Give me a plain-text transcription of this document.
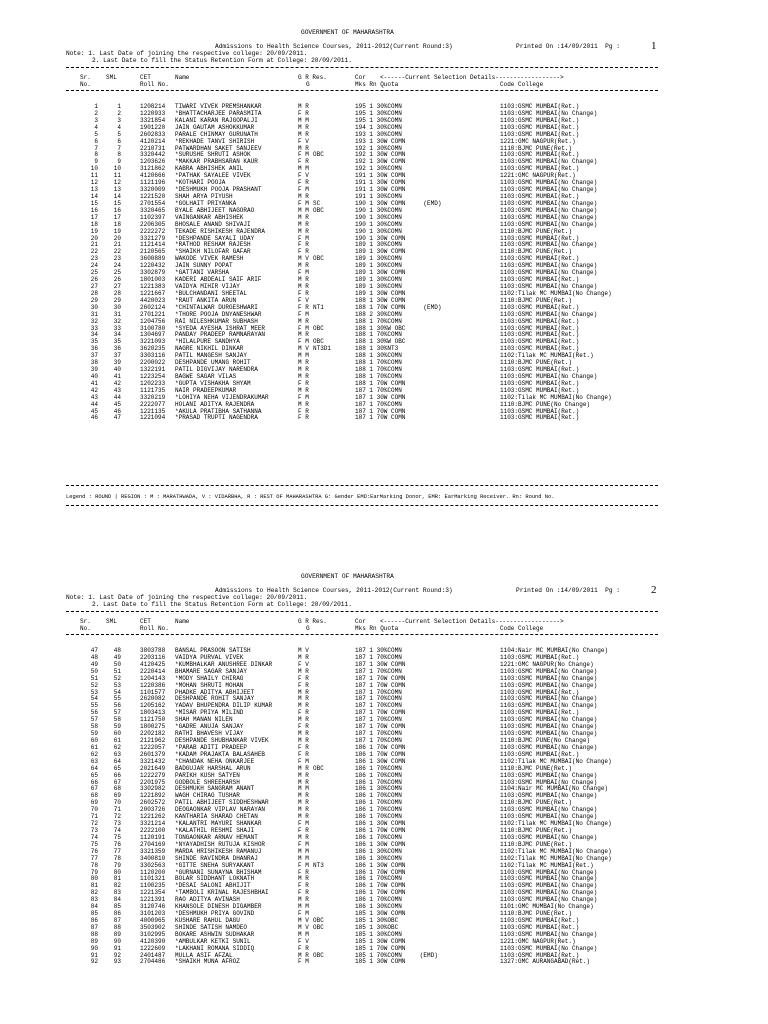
GOVERNMENT OF MAHARASHTRA
Admissions to Health Science Courses, 2011-2012(Current Round:3)	Printed On :14/09/2011  Pg :	1
Note: 1. Last Date of joining the respective college: 20/09/2011.
2. Last Date to fill the Status Retention Form at College: 20/09/2011.
Sr.
No.
SML	CET
Roll No.
Name	G R Res.
G
Cor
Mks Rn Quota
<------Current Selection Details------------------>
Code College
1	1	1208214 TIWARI VIVEK PREMSHANKAR	M R	195 1 30%COMN	1103:GSMC MUMBAI(Ret.)
2	2	1220933 *BHATTACHARJEE PARASMITA	F R	195 1 30%COMN	1103:GSMC MUMBAI(No Change)
3	3	3321854 KALANI KARAN RAJGOPALJI	M M	195 1 30%COMN	1103:GSMC MUMBAI(Ret.)
4	4	1901220 JAIN GAUTAM ASHOKKUMAR	M R	194 1 30%COMN	1103:GSMC MUMBAI(Ret.)
5	5	2602833 PARALE CHINMAY GURUNATH	M R	193 1 30%COMN	1103:GSMC MUMBAI(Ret.)
6	6	4120214 *REKHADE TANVI SHIRISH	F V	193 1 30W COMN	1221:GMC NAGPUR(Ret.)
7	7	2210731 PATWARDHAN SAKET SANJEEV	M R	192 1 30%COMN	1110:BJMC PUNE(Ret.)
8	8	3320442 *SURUSHE SHRUTI ASHOK	F M OBC	192 1 30W COMN	1103:GSMC MUMBAI(Ret.)
9	9	1203626 *MAKKAR PRABHSARAN KAUR	F R	192 1 30W COMN	1103:GSMC MUMBAI(No Change)
10	10	3121862 KABRA ABHISHEK ANIL	M M	192 1 30%COMN	1103:GSMC MUMBAI(Ret.)
11	11	4120666 *PATHAK SAYALEE VIVEK	F V	191 1 30W COMN	1221:GMC NAGPUR(Ret.)
12	12	1121196 *KOTHARI POOJA	F R	191 1 30W COMN	1103:GSMC MUMBAI(No Change)
13	13	3320009 *DESHMUKH POOJA PRASHANT	F M	191 1 30W COMN	1103:GSMC MUMBAI(No Change)
14	14	1221520 SHAH ARYA PIYUSH	M R	191 1 30%COMN	1103:GSMC MUMBAI(Ret.)
15	15	2701554 *GOLHAIT PRIYANKA	F M SC	190 1 30W COMN     (EMD)	1103:GSMC MUMBAI(No Change)
16	16	3320465 BYALE ABHIJEET NAGORAO	M M OBC	190 1 30%COMN	1103:GSMC MUMBAI(No Change)
17	17	1102397 VAINGANKAR ABHISHEK	M R	190 1 30%COMN	1103:GSMC MUMBAI(No Change)
18	18	2206305 BHOSALE ANAND SHIVAJI	M R	190 1 30%COMN	1103:GSMC MUMBAI(No Change)
19	19	2222272 TEKADE RISHIKESH RAJENDRA	M R	190 1 30%COMN	1110:BJMC PUNE(Ret.)
20	20	3321279 *DESHPANDE SAYALI UDAY	F M	190 1 30W COMN	1103:GSMC MUMBAI(Ret.)
21	21	1121414 *RATHOD RESHAM RAJESH	F R	189 1 30%COMN	1103:GSMC MUMBAI(No Change)
22	22	2120565 *SHAIKH NILOFAR GAFAR	F R	189 1 30W COMN	1110:BJMC PUNE(Ret.)
23	23	3600889 WAKODE VIVEK RAMESH	M V OBC	189 1 30%COMN	1103:GSMC MUMBAI(Ret.)
24	24	1220432 JAIN SUNNY POPAT	M R	189 1 30%COMN	1103:GSMC MUMBAI(No Change)
25	25	3302879 *GATTANI VARSHA	F M	189 1 30W COMN	1103:GSMC MUMBAI(No Change)
26	26	1801003 KADERI ABDEALI SAIF ARIF	M R	189 1 30%COMN	1103:GSMC MUMBAI(Ret.)
27	27	1221383 VAIDYA MIHIR VIJAY	M R	189 1 30%COMN	1103:GSMC MUMBAI(No Change)
28	28	1221667 *BULCHANDANI SHEETAL	F R	189 1 30W COMN	1102:Tilak MC MUMBAI(No Change)
29	29	4420023 *RAUT ANKITA ARUN	F V	188 1 30W COMN	1110:BJMC PUNE(Ret.)
30	30	2602124 *CHINTALWAR DURGESHWARI	F R NT1	188 1 70W COMN     (EMD)	1103:GSMC MUMBAI(Ret.)
31	31	2701221 *THORE POOJA DNYANESHWAR	F M	188 2 30%COMN	1103:GSMC MUMBAI(No Change)
32	32	1204756 RAI NILESHKUMAR SUBHASH	M R	188 1 70%COMN	1103:GSMC MUMBAI(Ret.)
33	33	3100780 *SYEDA AYESHA ISHRAT MEER	F M OBC	188 1 30%W OBC	1103:GSMC MUMBAI(Ret.)
34	34	1304697 PANDAY PRADEEP RAMNARAYAN	M R	188 1 70%COMN	1103:GSMC MUMBAI(Ret.)
35	35	3221093 *HILALPURE SANDHYA	F M OBC	188 1 30%W OBC	1103:GSMC MUMBAI(Ret.)
36	36	3620235 NAGRE NIKHIL DINKAR	M V NT3D1	188 1 30%NT3	1103:GSMC MUMBAI(Ret.)
37	37	3303116 PATIL MANGESH SANJAY	M M	188 1 30%COMN	1102:Tilak MC MUMBAI(Ret.)
38	39	2200022 DESHPANDE UMANG ROHIT	M R	188 1 70%COMN	1110:BJMC PUNE(Ret.)
39	40	1322191 PATIL DIGVIJAY NARENDRA	M R	188 1 70%COMN	1103:GSMC MUMBAI(Ret.)
40	41	1223254 BAGWE SAGAR VILAS	M R	188 1 70%COMN	1103:GSMC MUMBAI(No Change)
41	42	1202233 *GUPTA VISHAKHA SHYAM	F R	188 1 70W COMN	1103:GSMC MUMBAI(Ret.)
42	43	1121735 NAIR PRADEEPKUMAR	M R	187 1 70%COMN	1103:GSMC MUMBAI(Ret.)
43	44	3320219 *LOHIYA NEHA VIJENDRAKUMAR	F M	187 1 30W COMN	1102:Tilak MC MUMBAI(No Change)
44	45	2222077 HOLANI ADITYA RAJENDRA	M R	187 1 70%COMN	1110:BJMC PUNE(No Change)
45	46	1221135 *AKULA PRATIBHA SATHANNA	F R	187 1 70W COMN	1103:GSMC MUMBAI(Ret.)
46	47	1221094 *PRASAD TRUPTI NAGENDRA	F R	187 1 70W COMN	1103:GSMC MUMBAI(Ret.)
Legend : ROUND | REGION : M : MARATHWADA, V : VIDARBHA, R : REST OF MAHARASHTRA G: Gender EMD:EarMarking Donor, EMR: EarMarking Receiver. Rn: Round No.
GOVERNMENT OF MAHARASHTRA
Admissions to Health Science Courses, 2011-2012(Current Round:3)	Printed On :14/09/2011  Pg :	2
Note: 1. Last Date of joining the respective college: 20/09/2011.
2. Last Date to fill the Status Retention Form at College: 20/09/2011.
Sr.
No.
SML	CET
Roll No.
Name	G R Res.
G
Cor
Mks Rn Quota
<------Current Selection Details------------------>
Code College
47	48	3803788 BANSAL PRASOON SATISH	M V	187 1 30%COMN	1104:Nair MC MUMBAI(No Change)
48	49	2203116 VAIDYA PURVAL VIVEK	M R	187 1 70%COMN	1103:GSMC MUMBAI(Ret.)
49	50	4120425 *KUMBHALKAR ANUSHREE DINKAR	F V	187 1 30W COMN	1221:GMC NAGPUR(No Change)
50	51	2220414 BHAMARE SAGAR SANJAY	M R	187 1 70%COMN	1103:GSMC MUMBAI(No Change)
51	52	1204143 *MODY SHAILY CHIRAG	F R	187 1 70W COMN	1103:GSMC MUMBAI(No Change)
52	53	1220386 *MOHAN SHRUTI MOHAN	F R	187 1 70W COMN	1103:GSMC MUMBAI(No Change)
53	54	1101577 PHADKE ADITYA ABHIJEET	M R	187 1 70%COMN	1103:GSMC MUMBAI(Ret.)
54	55	2620082 DESHPANDE ROHIT SANJAY	M R	187 1 70%COMN	1103:GSMC MUMBAI(No Change)
55	56	1205162 YADAV BHUPENDRA DILIP KUMAR	M R	187 1 70%COMN	1103:GSMC MUMBAI(No Change)
56	57	1803413 *MISAR PRIYA MILIND	F R	187 1 70W COMN	1103:GSMC MUMBAI(Ret.)
57	58	1121750 SHAH MANAN NILEN	M R	187 1 70%COMN	1103:GSMC MUMBAI(No Change)
58	59	1800275 *GADRE ANUJA SANJAY	F R	187 1 70W COMN	1103:GSMC MUMBAI(No Change)
59	60	2202182 RATHI BHAVESH VIJAY	M R	187 1 70%COMN	1103:GSMC MUMBAI(No Change)
60	61	2121962 DESHPANDE SHUBHANKAR VIVEK	M R	187 1 70%COMN	1110:BJMC PUNE(No Change)
61	62	1222057 *PARAB ADITI PRADEEP	F R	186 1 70W COMN	1103:GSMC MUMBAI(No Change)
62	63	2601379 *KADAM PRAJAKTA BALASAHEB	F R	186 1 70W COMN	1103:GSMC MUMBAI(Ret.)
63	64	3321432 *CHANDAK NEHA ONKARJEE	F M	186 1 30W COMN	1102:Tilak MC MUMBAI(No Change)
64	65	2021649 BADGUJAR HARSHAL ARUN	M R OBC	186 1 70%COMN	1110:BJMC PUNE(Ret.)
65	66	1222279 PARIKH KUSH SATYEN	M R	186 1 70%COMN	1103:GSMC MUMBAI(No Change)
66	67	2201975 GODBOLE SHREEHARSH	M R	186 1 70%COMN	1103:GSMC MUMBAI(No Change)
67	68	3302982 DESHMUKH SANGRAM ANANT	M M	186 1 30%COMN	1104:Nair MC MUMBAI(No Change)
68	69	1221892 WAGH CHIRAG TUSHAR	M R	186 1 70%COMN	1103:GSMC MUMBAI(No Change)
69	70	2602572 PATIL ABHIJEET SIDDHESHWAR	M R	186 1 70%COMN	1110:BJMC PUNE(Ret.)
70	71	2003726 DEOGAONKAR VIPLAV NARAYAN	M R	186 1 70%COMN	1103:GSMC MUMBAI(No Change)
71	72	1221262 KANTHARIA SHARAD CHETAN	M R	186 1 70%COMN	1103:GSMC MUMBAI(No Change)
72	73	3321214 *KALANTRI MAYURI SHANKAR	F M	186 1 30W COMN	1102:Tilak MC MUMBAI(No Change)
73	74	2222100 *KALATHIL RESHMI SHAJI	F R	186 1 70W COMN	1110:BJMC PUNE(Ret.)
74	75	1120191 TONGAONKAR ARNAV HEMANT	M R	186 1 70%COMN	1103:GSMC MUMBAI(No Change)
75	76	2704169 *NYAYADHISH RUTUJA KISHOR	F M	186 1 30W COMN	1110:BJMC PUNE(Ret.)
76	77	3321359 MARDA HRISHIKESH RAMANUJ	M M	186 1 30%COMN	1102:Tilak MC MUMBAI(No Change)
77	78	3400810 SHINDE RAVINDRA DHANRAJ	M M	186 1 30%COMN	1102:Tilak MC MUMBAI(No Change)
78	79	3302563 *GITTE SNEHA SURYAKANT	F M NT3	186 1 30W COMN	1102:Tilak MC MUMBAI(Ret.)
79	80	1120200 *GURNANI SUNAYNA BHISHAM	F R	186 1 70W COMN	1103:GSMC MUMBAI(No Change)
80	81	1101321 BOLAR SIDDHANT LOKNATH	M R	186 1 70%COMN	1103:GSMC MUMBAI(No Change)
81	82	1100235 *DESAI SALONI ABHIJIT	F R	186 1 70W COMN	1103:GSMC MUMBAI(No Change)
82	83	1221354 *TAMBOLI KRINAL RAJESHBHAI	F R	186 1 70W COMN	1103:GSMC MUMBAI(No Change)
83	84	1221391 RAO ADITYA AVINASH	M R	186 1 70%COMN	1103:GSMC MUMBAI(No Change)
84	85	3120746 KHANSOLE DINESH DIGAMBER	M M	186 1 30%COMN	1101:GMC MUMBAI(No Change)
85	86	3101203 *DESHMUKH PRIYA GOVIND	F M	185 1 30W COMN	1110:BJMC PUNE(Ret.)
86	87	4000965 KUSHARE RAHUL DAGU	M V OBC	185 1 30%OBC	1103:GSMC MUMBAI(Ret.)
87	88	3503902 SHINDE SATISH NAMDEO	M V OBC	185 1 30%OBC	1103:GSMC MUMBAI(Ret.)
88	89	3102995 BOKARE ASHWIN SUDHAKAR	M M	185 1 30%COMN	1103:GSMC MUMBAI(No Change)
89	90	4120390 *AMBULKAR KETKI SUNIL	F V	185 1 30W COMN	1221:GMC NAGPUR(Ret.)
90	91	1222609 *LAKHANI ROMANA SIDDIQ	F R	185 1 70W COMN	1103:GSMC MUMBAI(No Change)
91	92	2401487 MULLA ASIF AFZAL	M R OBC	185 1 70%COMN     (EMD)	1103:GSMC MUMBAI(Ret.)
92	93	2704486 *SHAIKH MUNA AFROZ	F M	185 1 30W COMN	1327:GMC AURANGABAD(Ret.)
